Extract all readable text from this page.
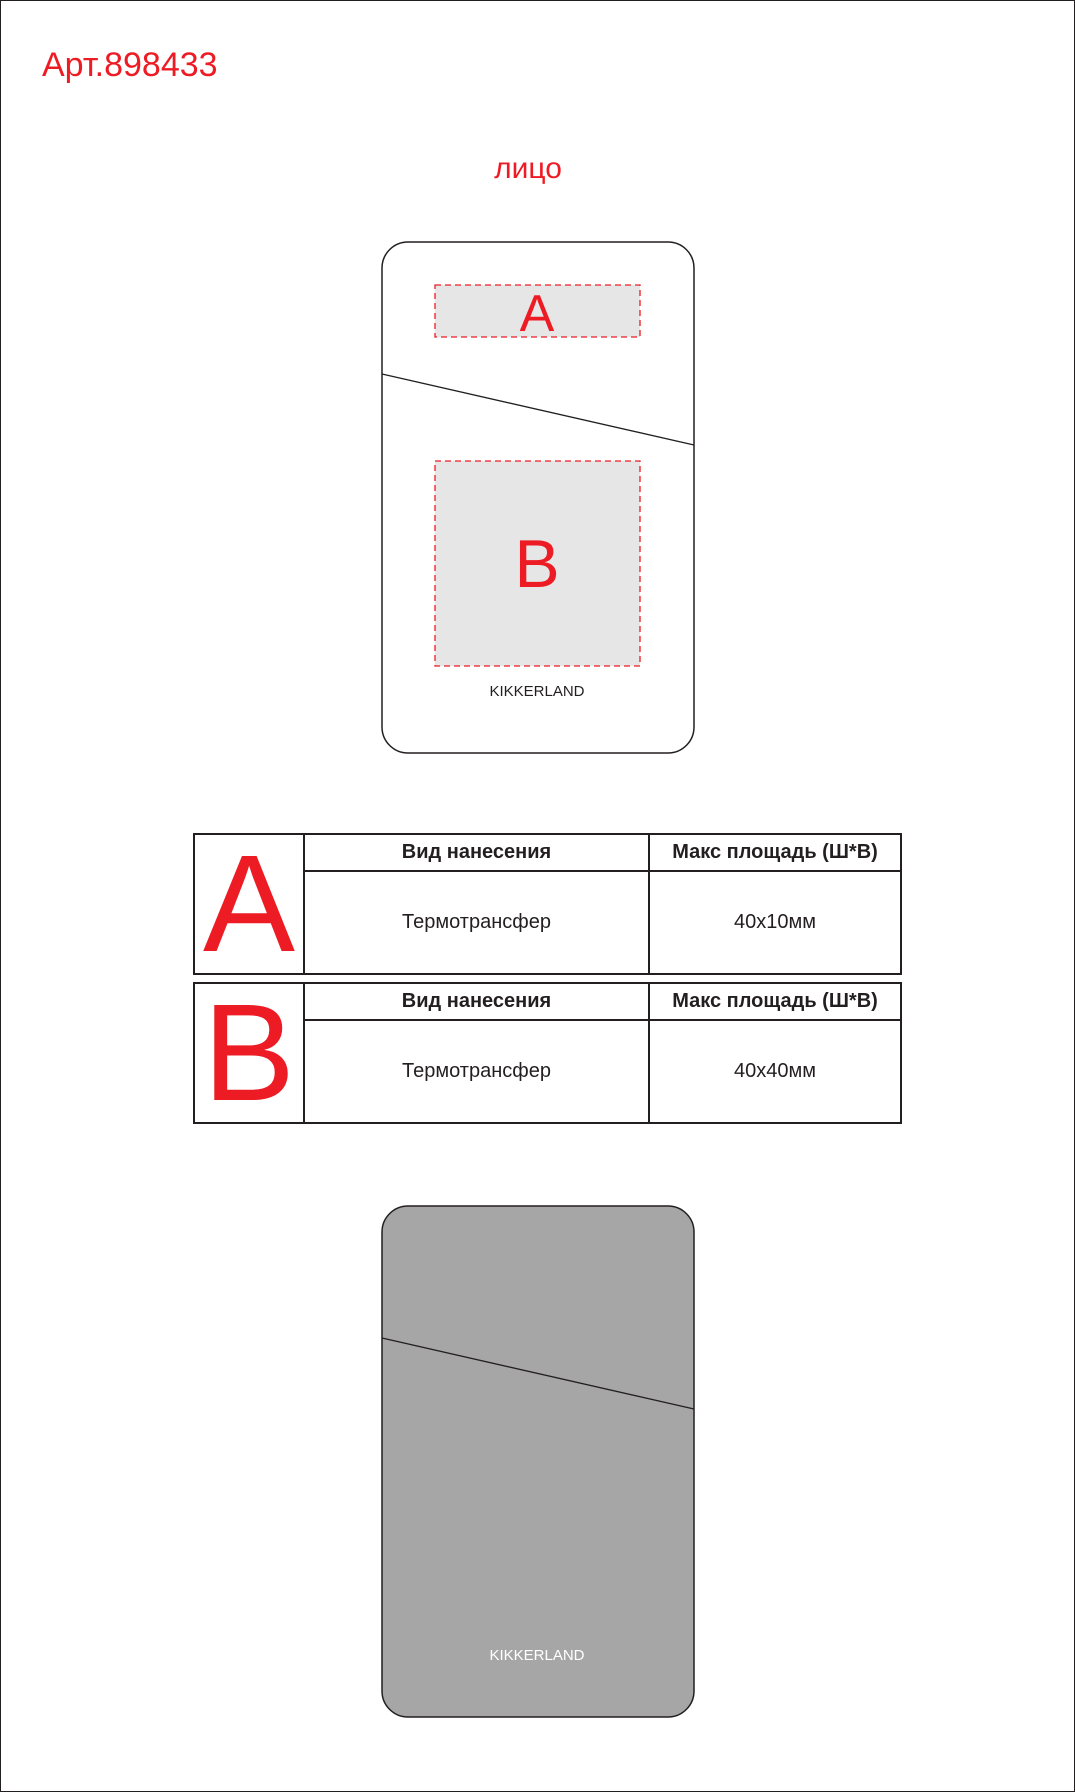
Арт.898433
лицо
A
B
KIKKERLAND
KIKKERLAND
A	Вид нанесения	Макс площадь (Ш*В)
	Термотрансфер	40x10мм
B	Вид нанесения	Макс площадь (Ш*В)
	Термотрансфер	40x40мм
